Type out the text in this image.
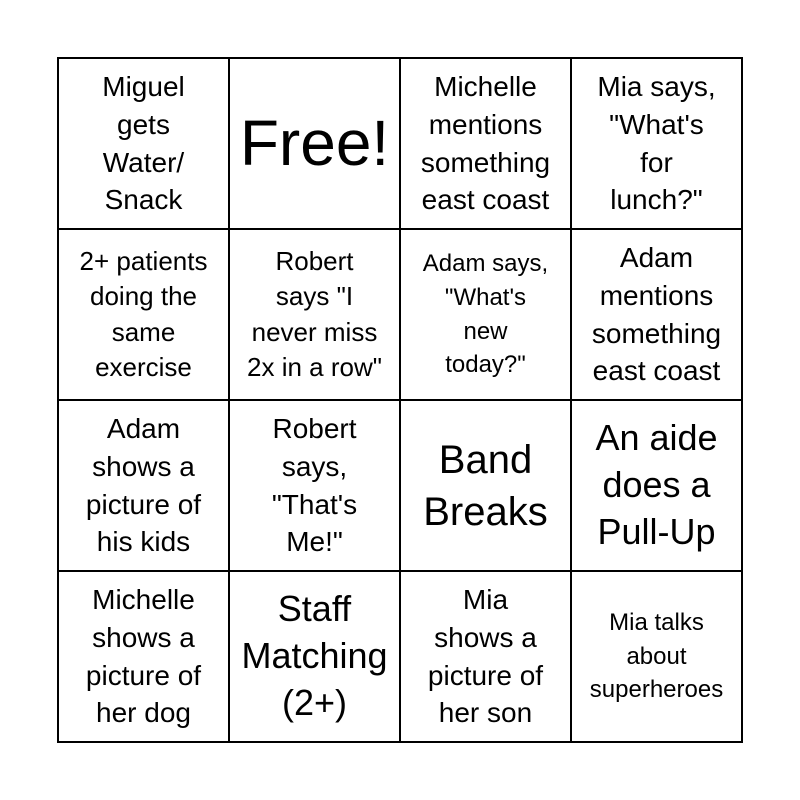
Miguel
gets
Water/
Snack
Free!
Michelle
mentions
something
east coast
Mia says,
"What's
for
lunch?"
2+ patients
doing the
same
exercise
Robert
says "I
never miss
2x in a row"
Adam says,
"What's
new
today?"
Adam
mentions
something
east coast
Adam
shows a
picture of
his kids
Robert
says,
"That's
Me!"
Band
Breaks
An aide
does a
Pull-Up
Michelle
shows a
picture of
her dog
Staff
Matching
(2+)
Mia
shows a
picture of
her son
Mia talks
about
superheroes
